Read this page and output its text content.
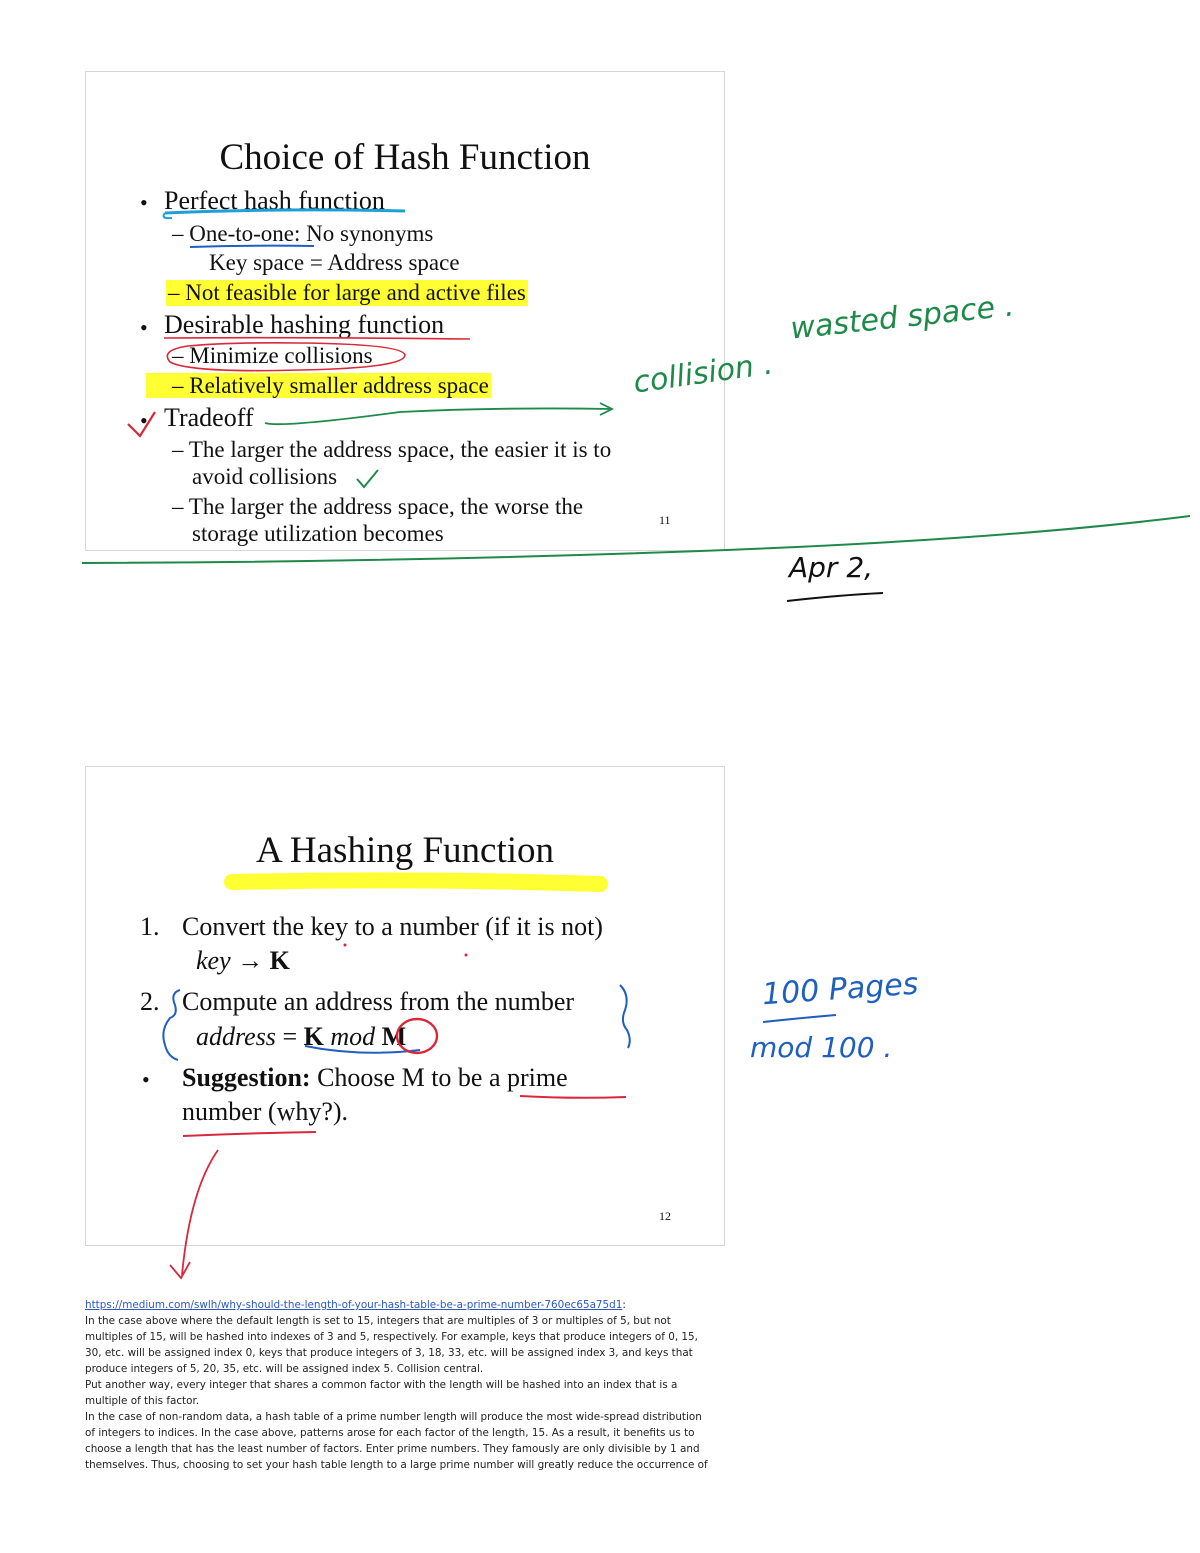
Choice of Hash Function
• Perfect hash function
– One-to-one: No synonyms
Key space = Address space
– Not feasible for large and active files
• Desirable hashing function
– Minimize collisions
– Relatively smaller address space
• Tradeoff
– The larger the address space, the easier it is to
avoid collisions
– The larger the address space, the worse the
storage utilization becomes
11
A Hashing Function
1. Convert the key to a number (if it is not)
key → K
2. Compute an address from the number
address = K mod M
• Suggestion: Choose M to be a prime
number (why?).
12
collision .
wasted space .
Apr 2,
100 Pages
mod 100 .

https://medium.com/swlh/why-should-the-length-of-your-hash-table-be-a-prime-number-760ec65a75d1:

In the case above where the default length is set to 15, integers that are multiples of 3 or multiples of 5, but not

multiples of 15, will be hashed into indexes of 3 and 5, respectively. For example, keys that produce integers of 0, 15,

30, etc. will be assigned index 0, keys that produce integers of 3, 18, 33, etc. will be assigned index 3, and keys that

produce integers of 5, 20, 35, etc. will be assigned index 5. Collision central.

Put another way, every integer that shares a common factor with the length will be hashed into an index that is a

multiple of this factor.

In the case of non-random data, a hash table of a prime number length will produce the most wide-spread distribution

of integers to indices. In the case above, patterns arose for each factor of the length, 15. As a result, it benefits us to

choose a length that has the least number of factors. Enter prime numbers. They famously are only divisible by 1 and

themselves. Thus, choosing to set your hash table length to a large prime number will greatly reduce the occurrence of
